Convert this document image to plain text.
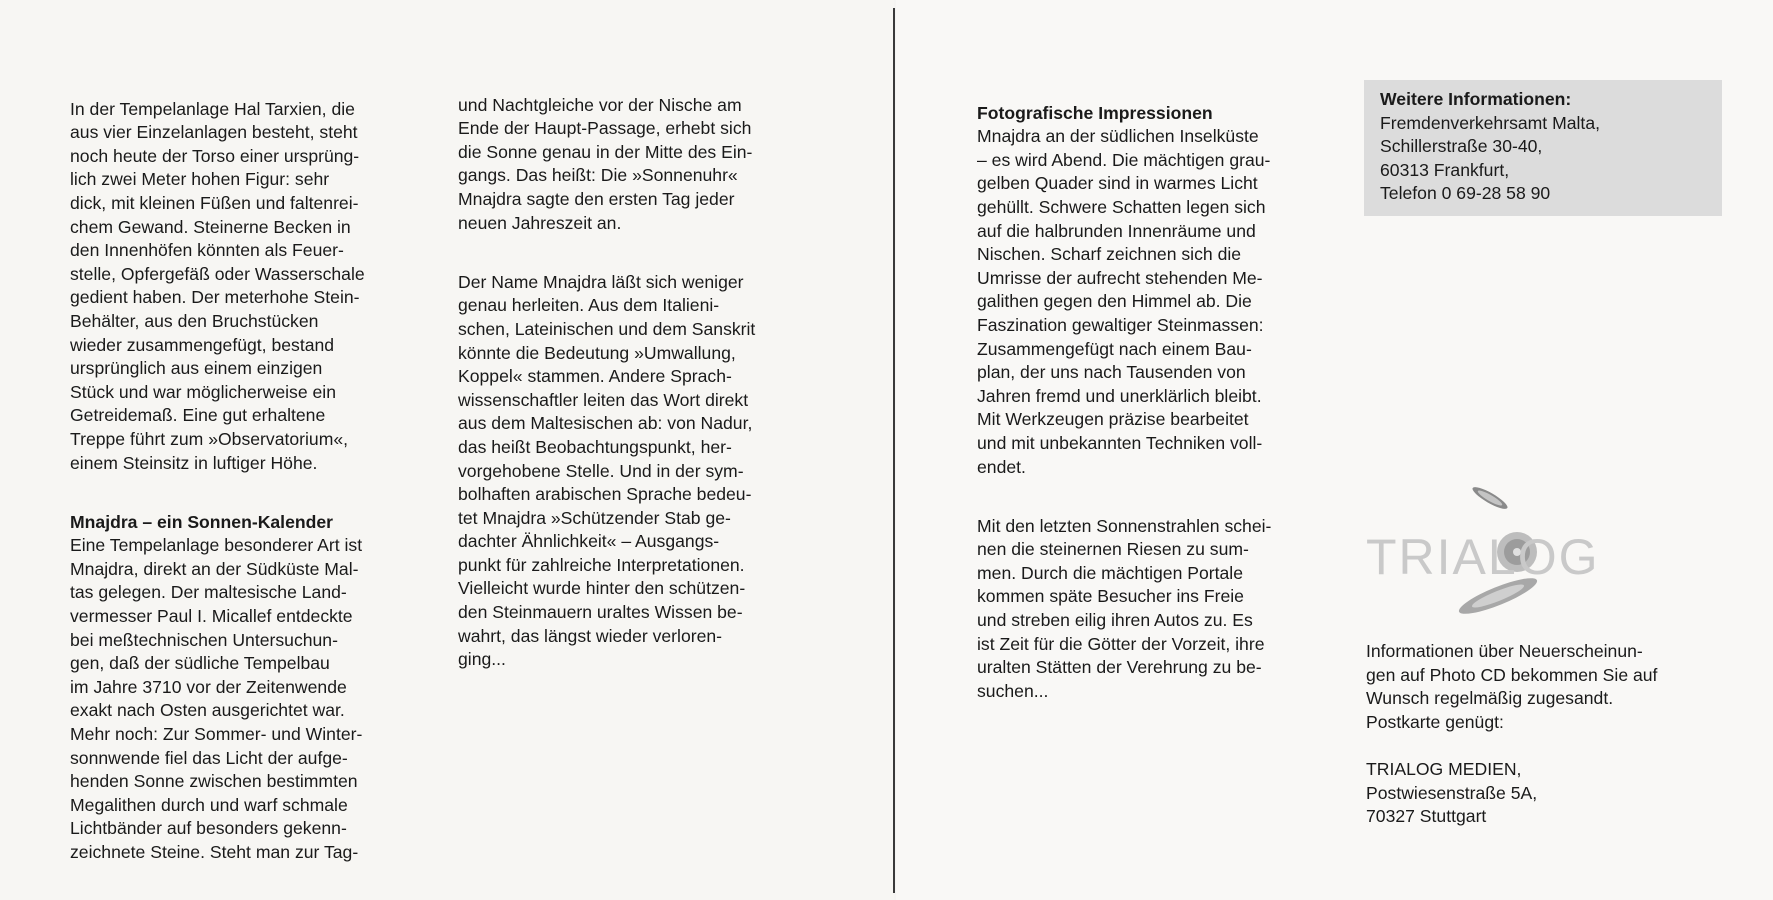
In der Tempelanlage Hal Tarxien, die
aus vier Einzelanlagen besteht, steht
noch heute der Torso einer ursprüng-
lich zwei Meter hohen Figur: sehr
dick, mit kleinen Füßen und faltenrei-
chem Gewand. Steinerne Becken in
den Innenhöfen könnten als Feuer-
stelle, Opfergefäß oder Wasserschale
gedient haben. Der meterhohe Stein-
Behälter, aus den Bruchstücken
wieder zusammengefügt, bestand
ursprünglich aus einem einzigen
Stück und war möglicherweise ein
Getreidemaß. Eine gut erhaltene
Treppe führt zum »Observatorium«,
einem Steinsitz in luftiger Höhe.

Mnajdra – ein Sonnen-Kalender
Eine Tempelanlage besonderer Art ist
Mnajdra, direkt an der Südküste Mal-
tas gelegen. Der maltesische Land-
vermesser Paul I. Micallef entdeckte
bei meßtechnischen Untersuchun-
gen, daß der südliche Tempelbau
im Jahre 3710 vor der Zeitenwende
exakt nach Osten ausgerichtet war.
Mehr noch: Zur Sommer- und Winter-
sonnwende fiel das Licht der aufge-
henden Sonne zwischen bestimmten
Megalithen durch und warf schmale
Lichtbänder auf besonders gekenn-
zeichnete Steine. Steht man zur Tag-

und Nachtgleiche vor der Nische am
Ende der Haupt-Passage, erhebt sich
die Sonne genau in der Mitte des Ein-
gangs. Das heißt: Die »Sonnenuhr«
Mnajdra sagte den ersten Tag jeder
neuen Jahreszeit an.

Der Name Mnajdra läßt sich weniger
genau herleiten. Aus dem Italieni-
schen, Lateinischen und dem Sanskrit
könnte die Bedeutung »Umwallung,
Koppel« stammen. Andere Sprach-
wissenschaftler leiten das Wort direkt
aus dem Maltesischen ab: von Nadur,
das heißt Beobachtungspunkt, her-
vorgehobene Stelle. Und in der sym-
bolhaften arabischen Sprache bedeu-
tet Mnajdra »Schützender Stab ge-
dachter Ähnlichkeit« – Ausgangs-
punkt für zahlreiche Interpretationen.
Vielleicht wurde hinter den schützen-
den Steinmauern uraltes Wissen be-
wahrt, das längst wieder verloren-
ging...

Fotografische Impressionen
Mnajdra an der südlichen Inselküste
– es wird Abend. Die mächtigen grau-
gelben Quader sind in warmes Licht
gehüllt. Schwere Schatten legen sich
auf die halbrunden Innenräume und
Nischen. Scharf zeichnen sich die
Umrisse der aufrecht stehenden Me-
galithen gegen den Himmel ab. Die
Faszination gewaltiger Steinmassen:
Zusammengefügt nach einem Bau-
plan, der uns nach Tausenden von
Jahren fremd und unerklärlich bleibt.
Mit Werkzeugen präzise bearbeitet
und mit unbekannten Techniken voll-
endet.

Mit den letzten Sonnenstrahlen schei-
nen die steinernen Riesen zu sum-
men. Durch die mächtigen Portale
kommen späte Besucher ins Freie
und streben eilig ihren Autos zu. Es
ist Zeit für die Götter der Vorzeit, ihre
uralten Stätten der Verehrung zu be-
suchen...

Weitere Informationen:
Fremdenverkehrsamt Malta,
Schillerstraße 30-40,
60313 Frankfurt,
Telefon 0 69-28 58 90
TRIALOG
Informationen über Neuerscheinun-
gen auf Photo CD bekommen Sie auf
Wunsch regelmäßig zugesandt.
Postkarte genügt:
TRIALOG MEDIEN,
Postwiesenstraße 5A,
70327 Stuttgart
